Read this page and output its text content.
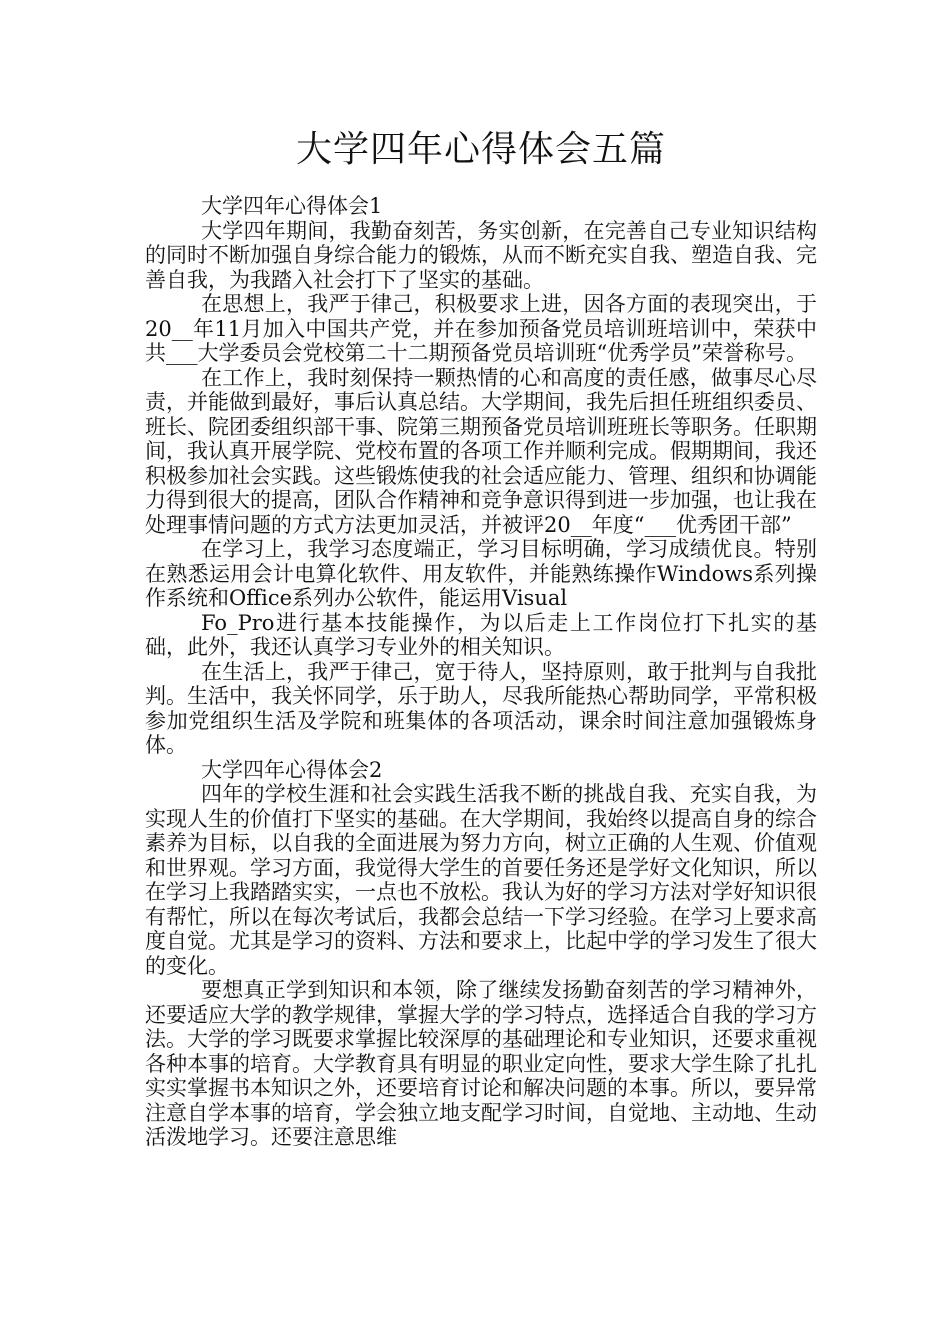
大学四年心得体会五篇

大学四年心得体会1

大学四年期间，我勤奋刻苦，务实创新，在完善自己专业知识结构的同时不断加强自身综合能力的锻炼，从而不断充实自我、塑造自我、完善自我，为我踏入社会打下了坚实的基础。

在思想上，我严于律己，积极要求上进，因各方面的表现突出，于20__年11月加入中国共产党，并在参加预备党员培训班培训中，荣获中共___大学委员会党校第二十二期预备党员培训班“优秀学员”荣誉称号。

在工作上，我时刻保持一颗热情的心和高度的责任感，做事尽心尽责，并能做到最好，事后认真总结。大学期间，我先后担任班组织委员、班长、院团委组织部干事、院第三期预备党员培训班班长等职务。任职期间，我认真开展学院、党校布置的各项工作并顺利完成。假期期间，我还积极参加社会实践。这些锻炼使我的社会适应能力、管理、组织和协调能力得到很大的提高，团队合作精神和竞争意识得到进一步加强，也让我在处理事情问题的方式方法更加灵活，并被评20__年度“___优秀团干部”

在学习上，我学习态度端正，学习目标明确，学习成绩优良。特别在熟悉运用会计电算化软件、用友软件，并能熟练操作Windows系列操作系统和Office系列办公软件，能运用Visual

Fo_Pro进行基本技能操作，为以后走上工作岗位打下扎实的基础，此外，我还认真学习专业外的相关知识。

在生活上，我严于律己，宽于待人，坚持原则，敢于批判与自我批判。生活中，我关怀同学，乐于助人，尽我所能热心帮助同学，平常积极参加党组织生活及学院和班集体的各项活动，课余时间注意加强锻炼身体。

大学四年心得体会2

四年的学校生涯和社会实践生活我不断的挑战自我、充实自我，为实现人生的价值打下坚实的基础。在大学期间，我始终以提高自身的综合素养为目标，以自我的全面进展为努力方向，树立正确的人生观、价值观和世界观。学习方面，我觉得大学生的首要任务还是学好文化知识，所以在学习上我踏踏实实，一点也不放松。我认为好的学习方法对学好知识很有帮忙，所以在每次考试后，我都会总结一下学习经验。在学习上要求高度自觉。尤其是学习的资料、方法和要求上，比起中学的学习发生了很大的变化。

要想真正学到知识和本领，除了继续发扬勤奋刻苦的学习精神外，还要适应大学的教学规律，掌握大学的学习特点，选择适合自我的学习方法。大学的学习既要求掌握比较深厚的基础理论和专业知识，还要求重视各种本事的培育。大学教育具有明显的职业定向性，要求大学生除了扎扎实实掌握书本知识之外，还要培育讨论和解决问题的本事。所以，要异常注意自学本事的培育，学会独立地支配学习时间，自觉地、主动地、生动活泼地学习。还要注意思维
